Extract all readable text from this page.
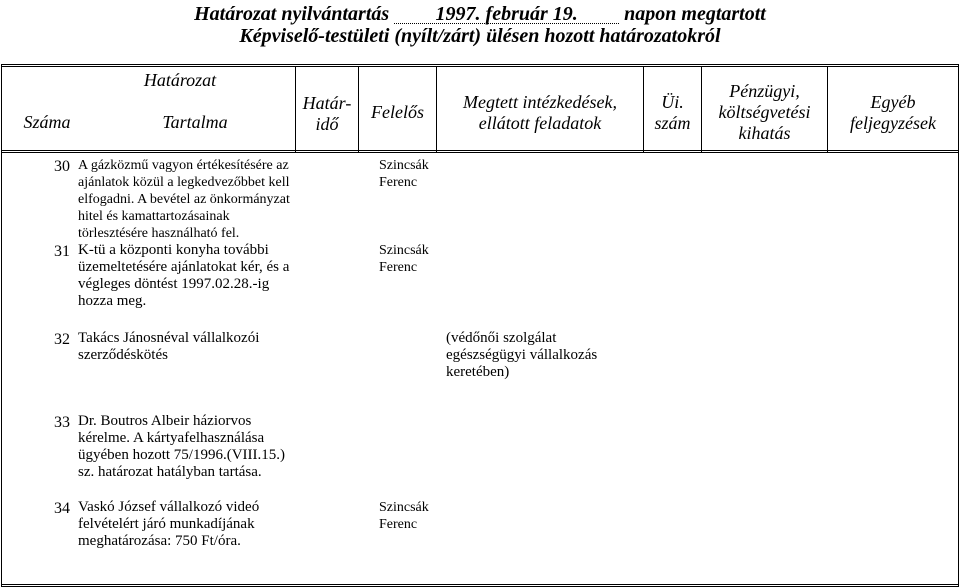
Határozat nyilvántartás 1997. február 19. napon megtartott
Képviselő-testületi (nyílt/zárt) ülésen hozott határozatokról
Határozat
Száma	Tartalma
Határ-
idő
Felelős	Megtett intézkedések,
ellátott feladatok
Üi.
szám
Pénzügyi,
költségvetési
kihatás
Egyéb
feljegyzések
30 A gázközmű vagyon értékesítésére az
ajánlatok közül a legkedvezőbbet kell
elfogadni. A bevétel az önkormányzat
hitel és kamattartozásainak
törlesztésére használható fel.
Szincsák
Ferenc
31 K-tü a központi konyha további
üzemeltetésére ajánlatokat kér, és a
végleges döntést 1997.02.28.-ig
hozza meg.
Szincsák
Ferenc
32 Takács Jánosnéval vállalkozói
szerződéskötés
(védőnői szolgálat
egészségügyi vállalkozás
keretében)
33 Dr. Boutros Albeir háziorvos
kérelme. A kártyafelhasználása
ügyében hozott 75/1996.(VIII.15.)
sz. határozat hatályban tartása.
34 Vaskó József vállalkozó videó
felvételért járó munkadíjának
meghatározása: 750 Ft/óra.
Szincsák
Ferenc
